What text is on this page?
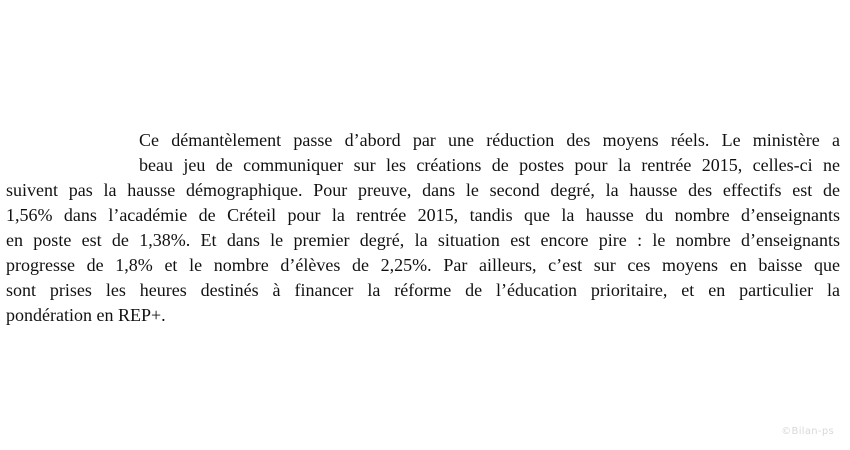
Ce démantèlement passe d’abord par une réduction des moyens réels. Le ministère a
beau jeu de communiquer sur les créations de postes pour la rentrée 2015, celles-ci ne
suivent pas la hausse démographique. Pour preuve, dans le second degré, la hausse des effectifs est de
1,56% dans l’académie de Créteil pour la rentrée 2015, tandis que la hausse du nombre d’enseignants
en poste est de 1,38%. Et dans le premier degré, la situation est encore pire : le nombre d’enseignants
progresse de 1,8% et le nombre d’élèves de 2,25%. Par ailleurs, c’est sur ces moyens en baisse que
sont prises les heures destinés à financer la réforme de l’éducation prioritaire, et en particulier la
pondération en REP+.
©Bilan-ps
